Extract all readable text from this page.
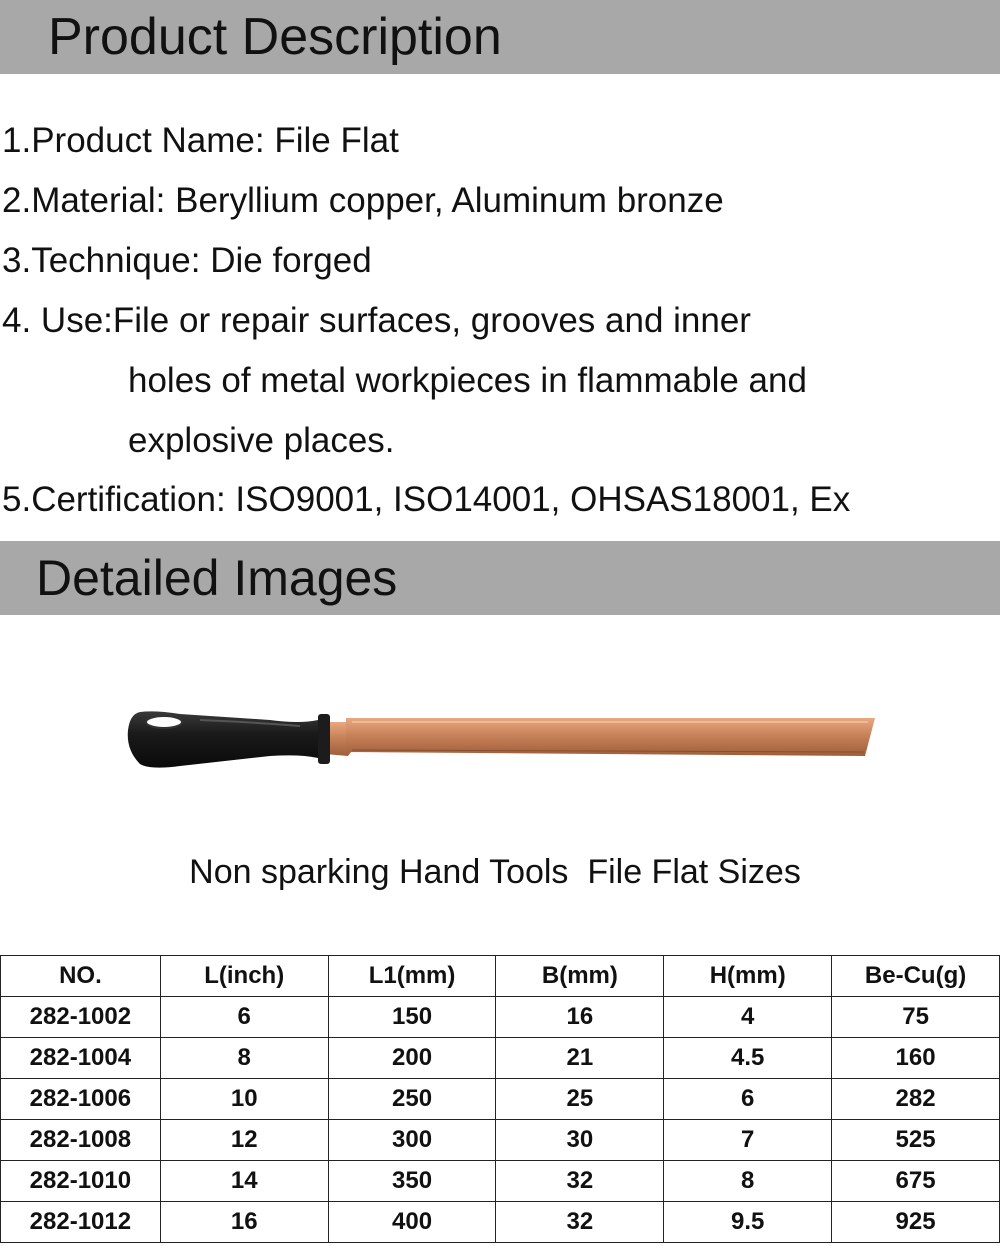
Product Description

1.Product Name: File Flat

2.Material: Beryllium copper, Aluminum bronze

3.Technique: Die forged

4. Use:File or repair surfaces, grooves and inner

holes of metal workpieces in flammable and

explosive places.

5.Certification: ISO9001, ISO14001, OHSAS18001, Ex

Detailed Images
Non sparking Hand Tools  File Flat Sizes
NO.	L(inch)	L1(mm)	B(mm)	H(mm)	Be-Cu(g)
282-1002	6	150	16	4	75
282-1004	8	200	21	4.5	160
282-1006	10	250	25	6	282
282-1008	12	300	30	7	525
282-1010	14	350	32	8	675
282-1012	16	400	32	9.5	925
